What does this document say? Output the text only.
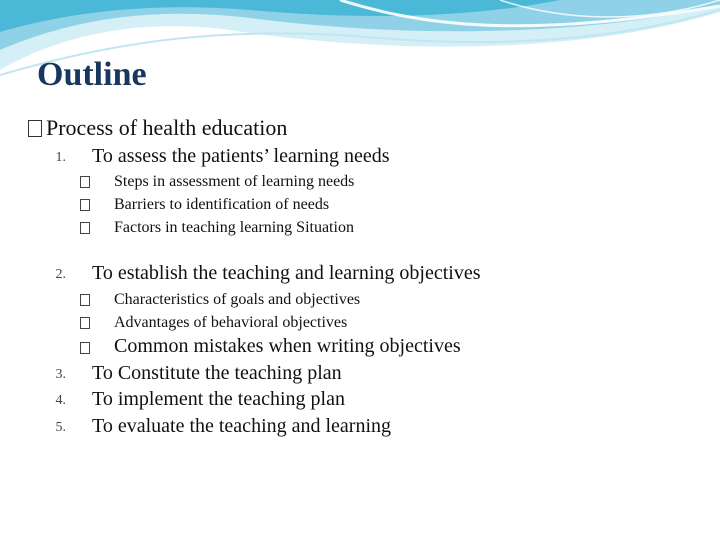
Outline
Process of health education
1. To assess the patients’ learning needs
Steps in assessment of learning needs
Barriers to identification of needs
Factors in teaching learning Situation
2. To establish the teaching and learning objectives
Characteristics of goals and objectives
Advantages of behavioral objectives
Common mistakes when writing objectives
3. To Constitute the teaching plan
4. To implement the teaching plan
5. To evaluate the teaching and learning
